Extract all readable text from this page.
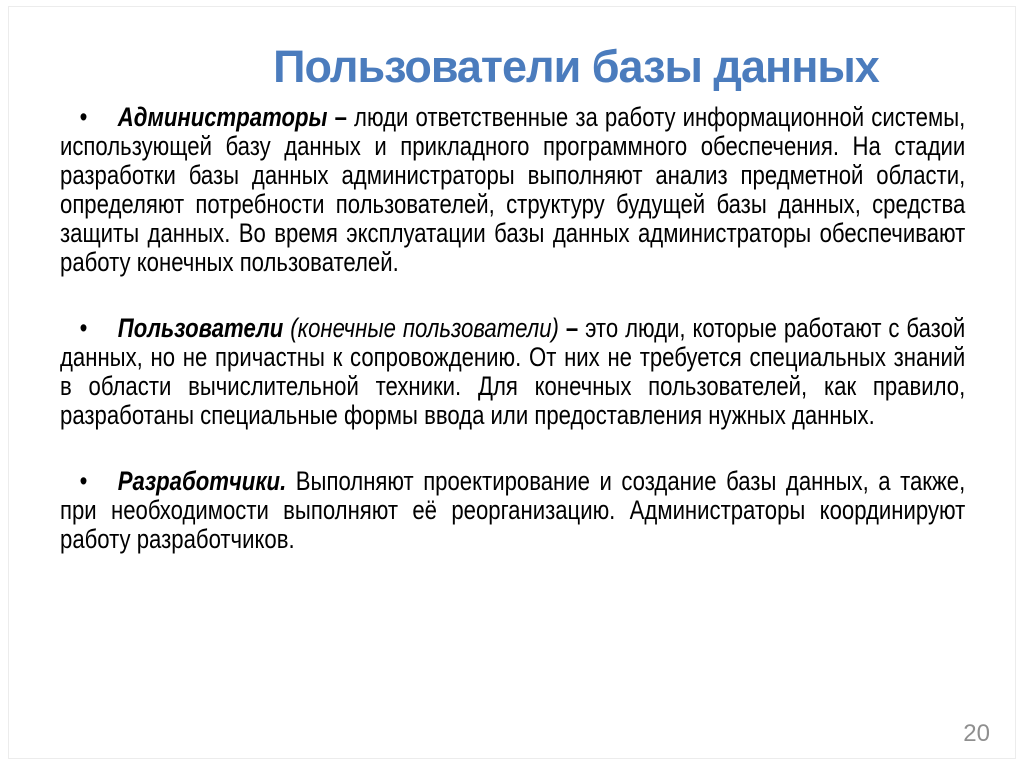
Пользователи базы данных

• Администраторы – люди ответственные за работу информационной системы, использующей базу данных и прикладного программного обеспечения. На стадии разработки базы данных администраторы выполняют анализ предметной области, определяют потребности пользователей, структуру будущей базы данных, средства защиты данных. Во время эксплуатации базы данных администраторы обеспечивают работу конечных пользователей.

• Пользователи (конечные пользователи) – это люди, которые работают с базой данных, но не причастны к сопровождению. От них не требуется специальных знаний в области вычислительной техники. Для конечных пользователей, как правило, разработаны специальные формы ввода или предоставления нужных данных.

• Разработчики. Выполняют проектирование и создание базы данных, а также, при необходимости выполняют её реорганизацию. Администраторы координируют работу разработчиков.

20
